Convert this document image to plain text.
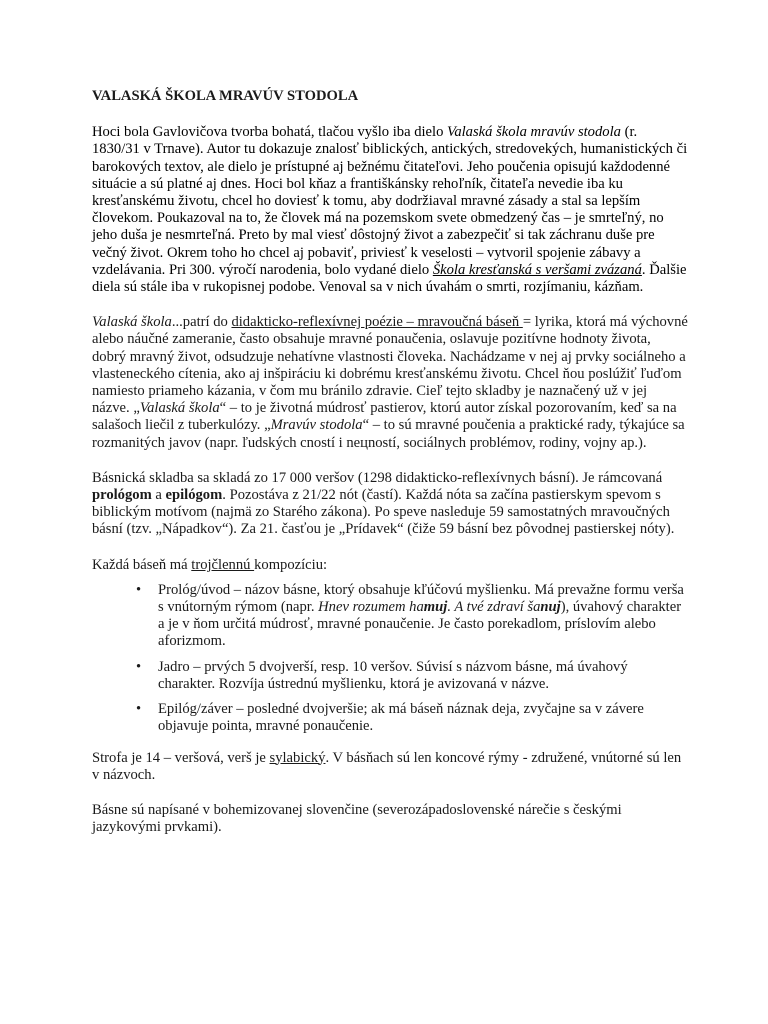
VALASKÁ ŠKOLA MRAVÚV STODOLA

Hoci bola Gavlovičova tvorba bohatá, tlačou vyšlo iba dielo Valaská škola mravúv stodola (r. 1830/31 v Trnave). Autor tu dokazuje znalosť biblických, antických, stredovekých, humanistických či barokových textov, ale dielo je prístupné aj bežnému čitateľovi. Jeho poučenia opisujú každodenné situácie a sú platné aj dnes. Hoci bol kňaz a františkánsky rehoľník, čitateľa nevedie iba ku kresťanskému životu, chcel ho doviesť k tomu, aby dodržiaval mravné zásady a stal sa lepším človekom. Poukazoval na to, že človek má na pozemskom svete obmedzený čas – je smrteľný, no jeho duša je nesmrteľná. Preto by mal viesť dôstojný život a zabezpečiť si tak záchranu duše pre večný život. Okrem toho ho chcel aj pobaviť, priviesť k veselosti – vytvoril spojenie zábavy a vzdelávania. Pri 300. výročí narodenia, bolo vydané dielo Škola kresťanská s veršami zvázaná. Ďalšie diela sú stále iba v rukopisnej podobe. Venoval sa v nich úvahám o smrti, rozjímaniu, kázňam.

Valaská škola...patrí do didakticko-reflexívnej poézie – mravoučná báseň = lyrika, ktorá má výchovné alebo náučné zameranie, často obsahuje mravné ponaučenia, oslavuje pozitívne hodnoty života, dobrý mravný život, odsudzuje nehatívne vlastnosti človeka. Nachádzame v nej aj prvky sociálneho a vlasteneckého cítenia, ako aj inšpiráciu ki dobrému kresťanskému životu. Chcel ňou poslúžiť ľuďom namiesto priameho kázania, v čom mu bránilo zdravie. Cieľ tejto skladby je naznačený už v jej názve. „Valaská škola“ – to je životná múdrosť pastierov, ktorú autor získal pozorovaním, keď sa na salašoch liečil z tuberkulózy. „Mravúv stodola“ – to sú mravné poučenia a praktické rady, týkajúce sa rozmanitých javov (napr. ľudských cností i nецností, sociálnych problémov, rodiny, vojny ap.).

Básnická skladba sa skladá zo 17 000 veršov (1298 didakticko-reflexívnych básní). Je rámcovaná prológom a epilógom. Pozostáva z 21/22 nót (častí). Každá nóta sa začína pastierskym spevom s biblickým motívom (najmä zo Starého zákona). Po speve nasleduje 59 samostatných mravoučných básní (tzv. „Nápadkov“). Za 21. časťou je „Prídavek“ (čiže 59 básní bez pôvodnej pastierskej nóty).

Každá báseň má trojčlennú kompozíciu:

• Prológ/úvod – názov básne, ktorý obsahuje kľúčovú myšlienku. Má prevažne formu verša s vnútorným rýmom (napr. Hnev rozumem hamuj. A tvé zdraví šanuj), úvahový charakter a je v ňom určitá múdrosť, mravné ponaučenie. Je často porekadlom, príslovím alebo aforizmom.
• Jadro – prvých 5 dvojverší, resp. 10 veršov. Súvisí s názvom básne, má úvahový charakter. Rozvíja ústrednú myšlienku, ktorá je avizovaná v názve.
• Epilóg/záver – posledné dvojveršie; ak má báseň náznak deja, zvyčajne sa v závere objavuje pointa, mravné ponaučenie.

Strofa je 14 – veršová, verš je sylabický. V básňach sú len koncové rýmy - združené, vnútorné sú len v názvoch.

Básne sú napísané v bohemizovanej slovenčine (severozápadoslovenské nárečie s českými jazykovými prvkami).
